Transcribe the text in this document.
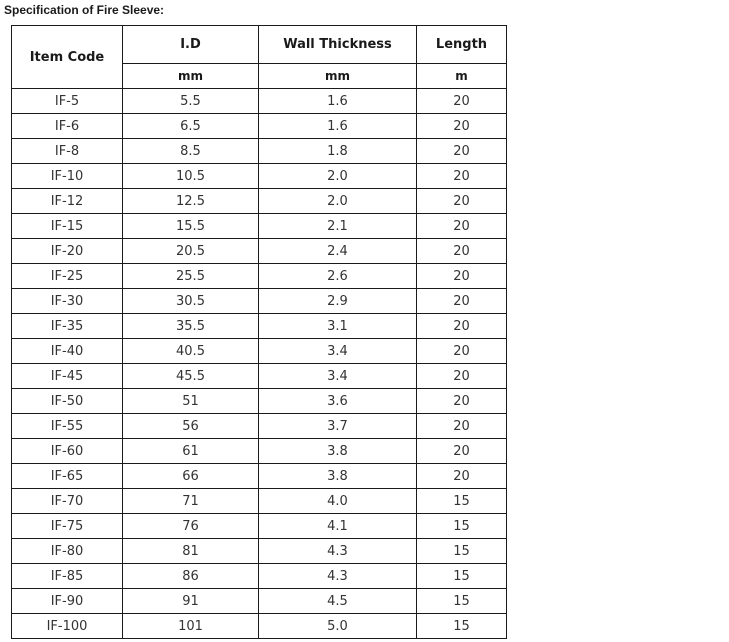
Specification of Fire Sleeve:
Item Code	I.D	Wall Thickness	Length
	mm	mm	m
IF-5	5.5	1.6	20
IF-6	6.5	1.6	20
IF-8	8.5	1.8	20
IF-10	10.5	2.0	20
IF-12	12.5	2.0	20
IF-15	15.5	2.1	20
IF-20	20.5	2.4	20
IF-25	25.5	2.6	20
IF-30	30.5	2.9	20
IF-35	35.5	3.1	20
IF-40	40.5	3.4	20
IF-45	45.5	3.4	20
IF-50	51	3.6	20
IF-55	56	3.7	20
IF-60	61	3.8	20
IF-65	66	3.8	20
IF-70	71	4.0	15
IF-75	76	4.1	15
IF-80	81	4.3	15
IF-85	86	4.3	15
IF-90	91	4.5	15
IF-100	101	5.0	15
